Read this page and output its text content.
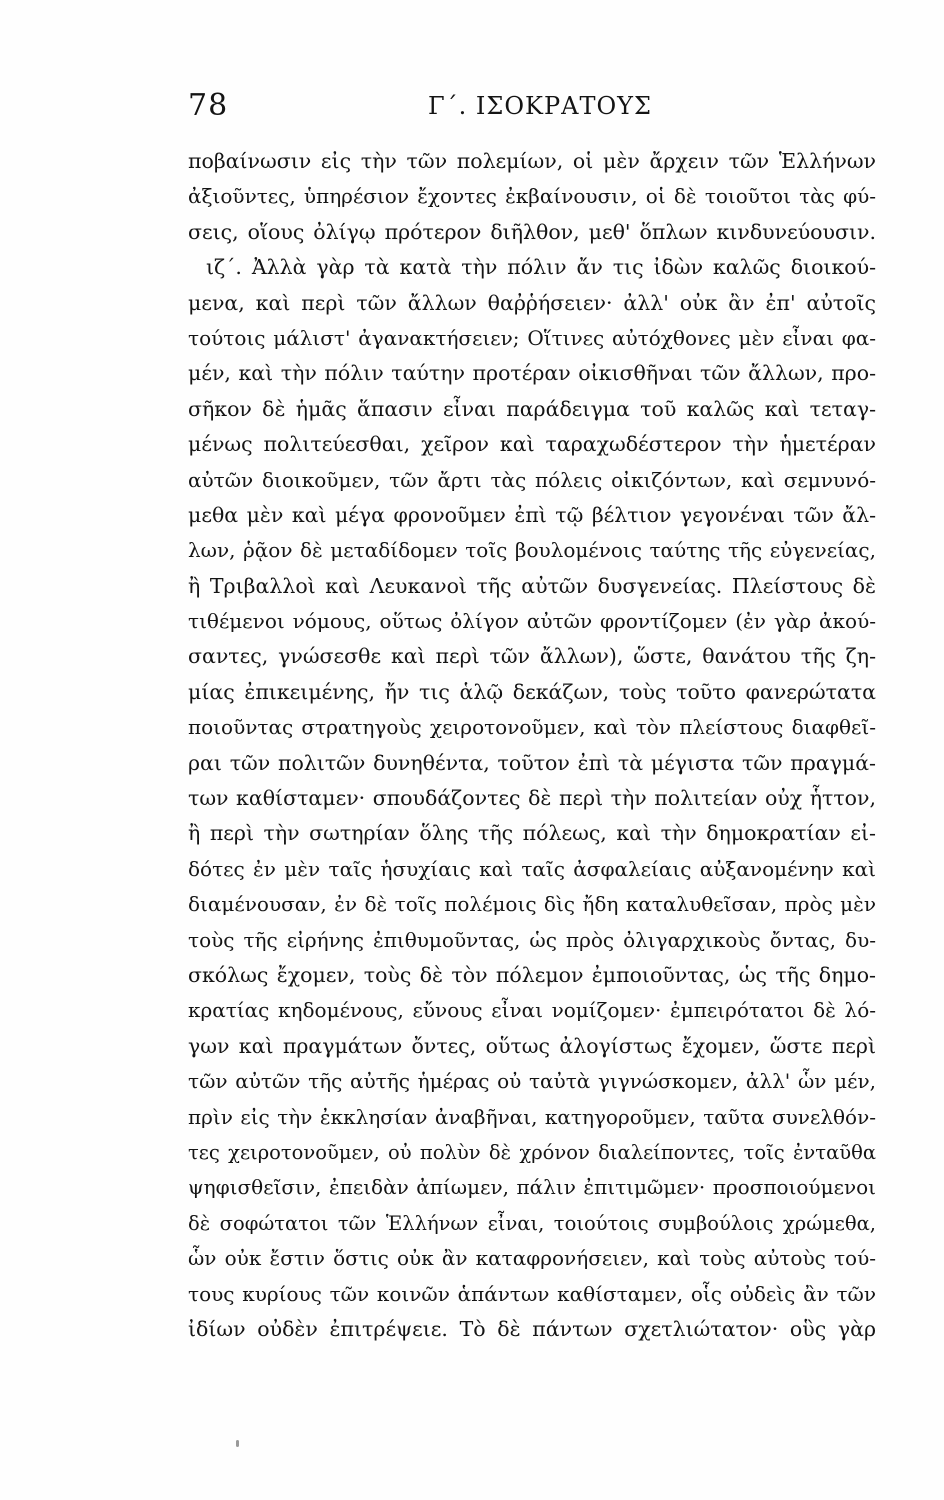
78	Γ΄. ΙΣΟΚΡΑΤΟΥΣ
ποβαίνωσιν εἰς τὴν τῶν πολεμίων, οἱ μὲν ἄρχειν τῶν Ἑλλήνων
ἀξιοῦντες, ὑπηρέσιον ἔχοντες ἐκβαίνουσιν, οἱ δὲ τοιοῦτοι τὰς φύ-
σεις, οἵους ὀλίγῳ πρότερον διῆλθον, μεθ' ὅπλων κινδυνεύουσιν.
ιζ΄. Ἀλλὰ γὰρ τὰ κατὰ τὴν πόλιν ἄν τις ἰδὼν καλῶς διοικού-
μενα, καὶ περὶ τῶν ἄλλων θαῤῥήσειεν· ἀλλ' οὐκ ἂν ἐπ' αὐτοῖς
τούτοις μάλιστ' ἀγανακτήσειεν; Οἵτινες αὐτόχθονες μὲν εἶναι φα-
μέν, καὶ τὴν πόλιν ταύτην προτέραν οἰκισθῆναι τῶν ἄλλων, προ-
σῆκον δὲ ἡμᾶς ἅπασιν εἶναι παράδειγμα τοῦ καλῶς καὶ τεταγ-
μένως πολιτεύεσθαι, χεῖρον καὶ ταραχωδέστερον τὴν ἡμετέραν
αὐτῶν διοικοῦμεν, τῶν ἄρτι τὰς πόλεις οἰκιζόντων, καὶ σεμνυνό-
μεθα μὲν καὶ μέγα φρονοῦμεν ἐπὶ τῷ βέλτιον γεγονέναι τῶν ἄλ-
λων, ῥᾷον δὲ μεταδίδομεν τοῖς βουλομένοις ταύτης τῆς εὐγενείας,
ἢ Τριβαλλοὶ καὶ Λευκανοὶ τῆς αὐτῶν δυσγενείας. Πλείστους δὲ
τιθέμενοι νόμους, οὕτως ὀλίγον αὐτῶν φροντίζομεν (ἐν γὰρ ἀκού-
σαντες, γνώσεσθε καὶ περὶ τῶν ἄλλων), ὥστε, θανάτου τῆς ζη-
μίας ἐπικειμένης, ἤν τις ἁλῷ δεκάζων, τοὺς τοῦτο φανερώτατα
ποιοῦντας στρατηγοὺς χειροτονοῦμεν, καὶ τὸν πλείστους διαφθεῖ-
ραι τῶν πολιτῶν δυνηθέντα, τοῦτον ἐπὶ τὰ μέγιστα τῶν πραγμά-
των καθίσταμεν· σπουδάζοντες δὲ περὶ τὴν πολιτείαν οὐχ ἧττον,
ἢ περὶ τὴν σωτηρίαν ὅλης τῆς πόλεως, καὶ τὴν δημοκρατίαν εἰ-
δότες ἐν μὲν ταῖς ἡσυχίαις καὶ ταῖς ἀσφαλείαις αὐξανομένην καὶ
διαμένουσαν, ἐν δὲ τοῖς πολέμοις δὶς ἤδη καταλυθεῖσαν, πρὸς μὲν
τοὺς τῆς εἰρήνης ἐπιθυμοῦντας, ὡς πρὸς ὀλιγαρχικοὺς ὄντας, δυ-
σκόλως ἔχομεν, τοὺς δὲ τὸν πόλεμον ἐμποιοῦντας, ὡς τῆς δημο-
κρατίας κηδομένους, εὔνους εἶναι νομίζομεν· ἐμπειρότατοι δὲ λό-
γων καὶ πραγμάτων ὄντες, οὕτως ἀλογίστως ἔχομεν, ὥστε περὶ
τῶν αὐτῶν τῆς αὐτῆς ἡμέρας οὐ ταὐτὰ γιγνώσκομεν, ἀλλ' ὧν μέν,
πρὶν εἰς τὴν ἐκκλησίαν ἀναβῆναι, κατηγοροῦμεν, ταῦτα συνελθόν-
τες χειροτονοῦμεν, οὐ πολὺν δὲ χρόνον διαλείποντες, τοῖς ἐνταῦθα
ψηφισθεῖσιν, ἐπειδὰν ἀπίωμεν, πάλιν ἐπιτιμῶμεν· προσποιούμενοι
δὲ σοφώτατοι τῶν Ἑλλήνων εἶναι, τοιούτοις συμβούλοις χρώμεθα,
ὧν οὐκ ἔστιν ὅστις οὐκ ἂν καταφρονήσειεν, καὶ τοὺς αὐτοὺς τού-
τους κυρίους τῶν κοινῶν ἁπάντων καθίσταμεν, οἷς οὐδεὶς ἂν τῶν
ἰδίων οὐδὲν ἐπιτρέψειε. Τὸ δὲ πάντων σχετλιώτατον· οὓς γὰρ
